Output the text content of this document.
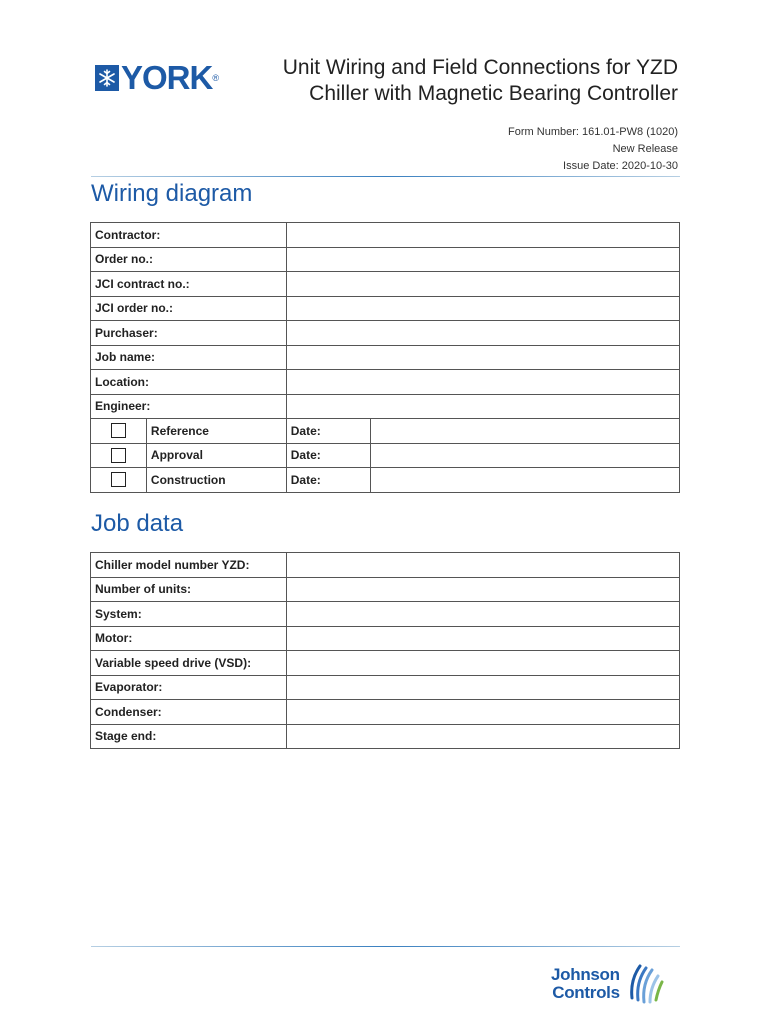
YORK ®	Unit Wiring and Field Connections for YZD
Chiller with Magnetic Bearing Controller
Form Number: 161.01-PW8 (1020)
New Release
Issue Date: 2020-10-30
Wiring diagram
Contractor:			
Order no.:			
JCI contract no.:			
JCI order no.:			
Purchaser:			
Job name:			
Location:			
Engineer:			

	Reference	Date:	

	Approval	Date:	

	Construction	Date:	
Job data
Chiller model number YZD:	
Number of units:	
System:	
Motor:	
Variable speed drive (VSD):	
Evaporator:	
Condenser:	
Stage end:	
Johnson
Controls
